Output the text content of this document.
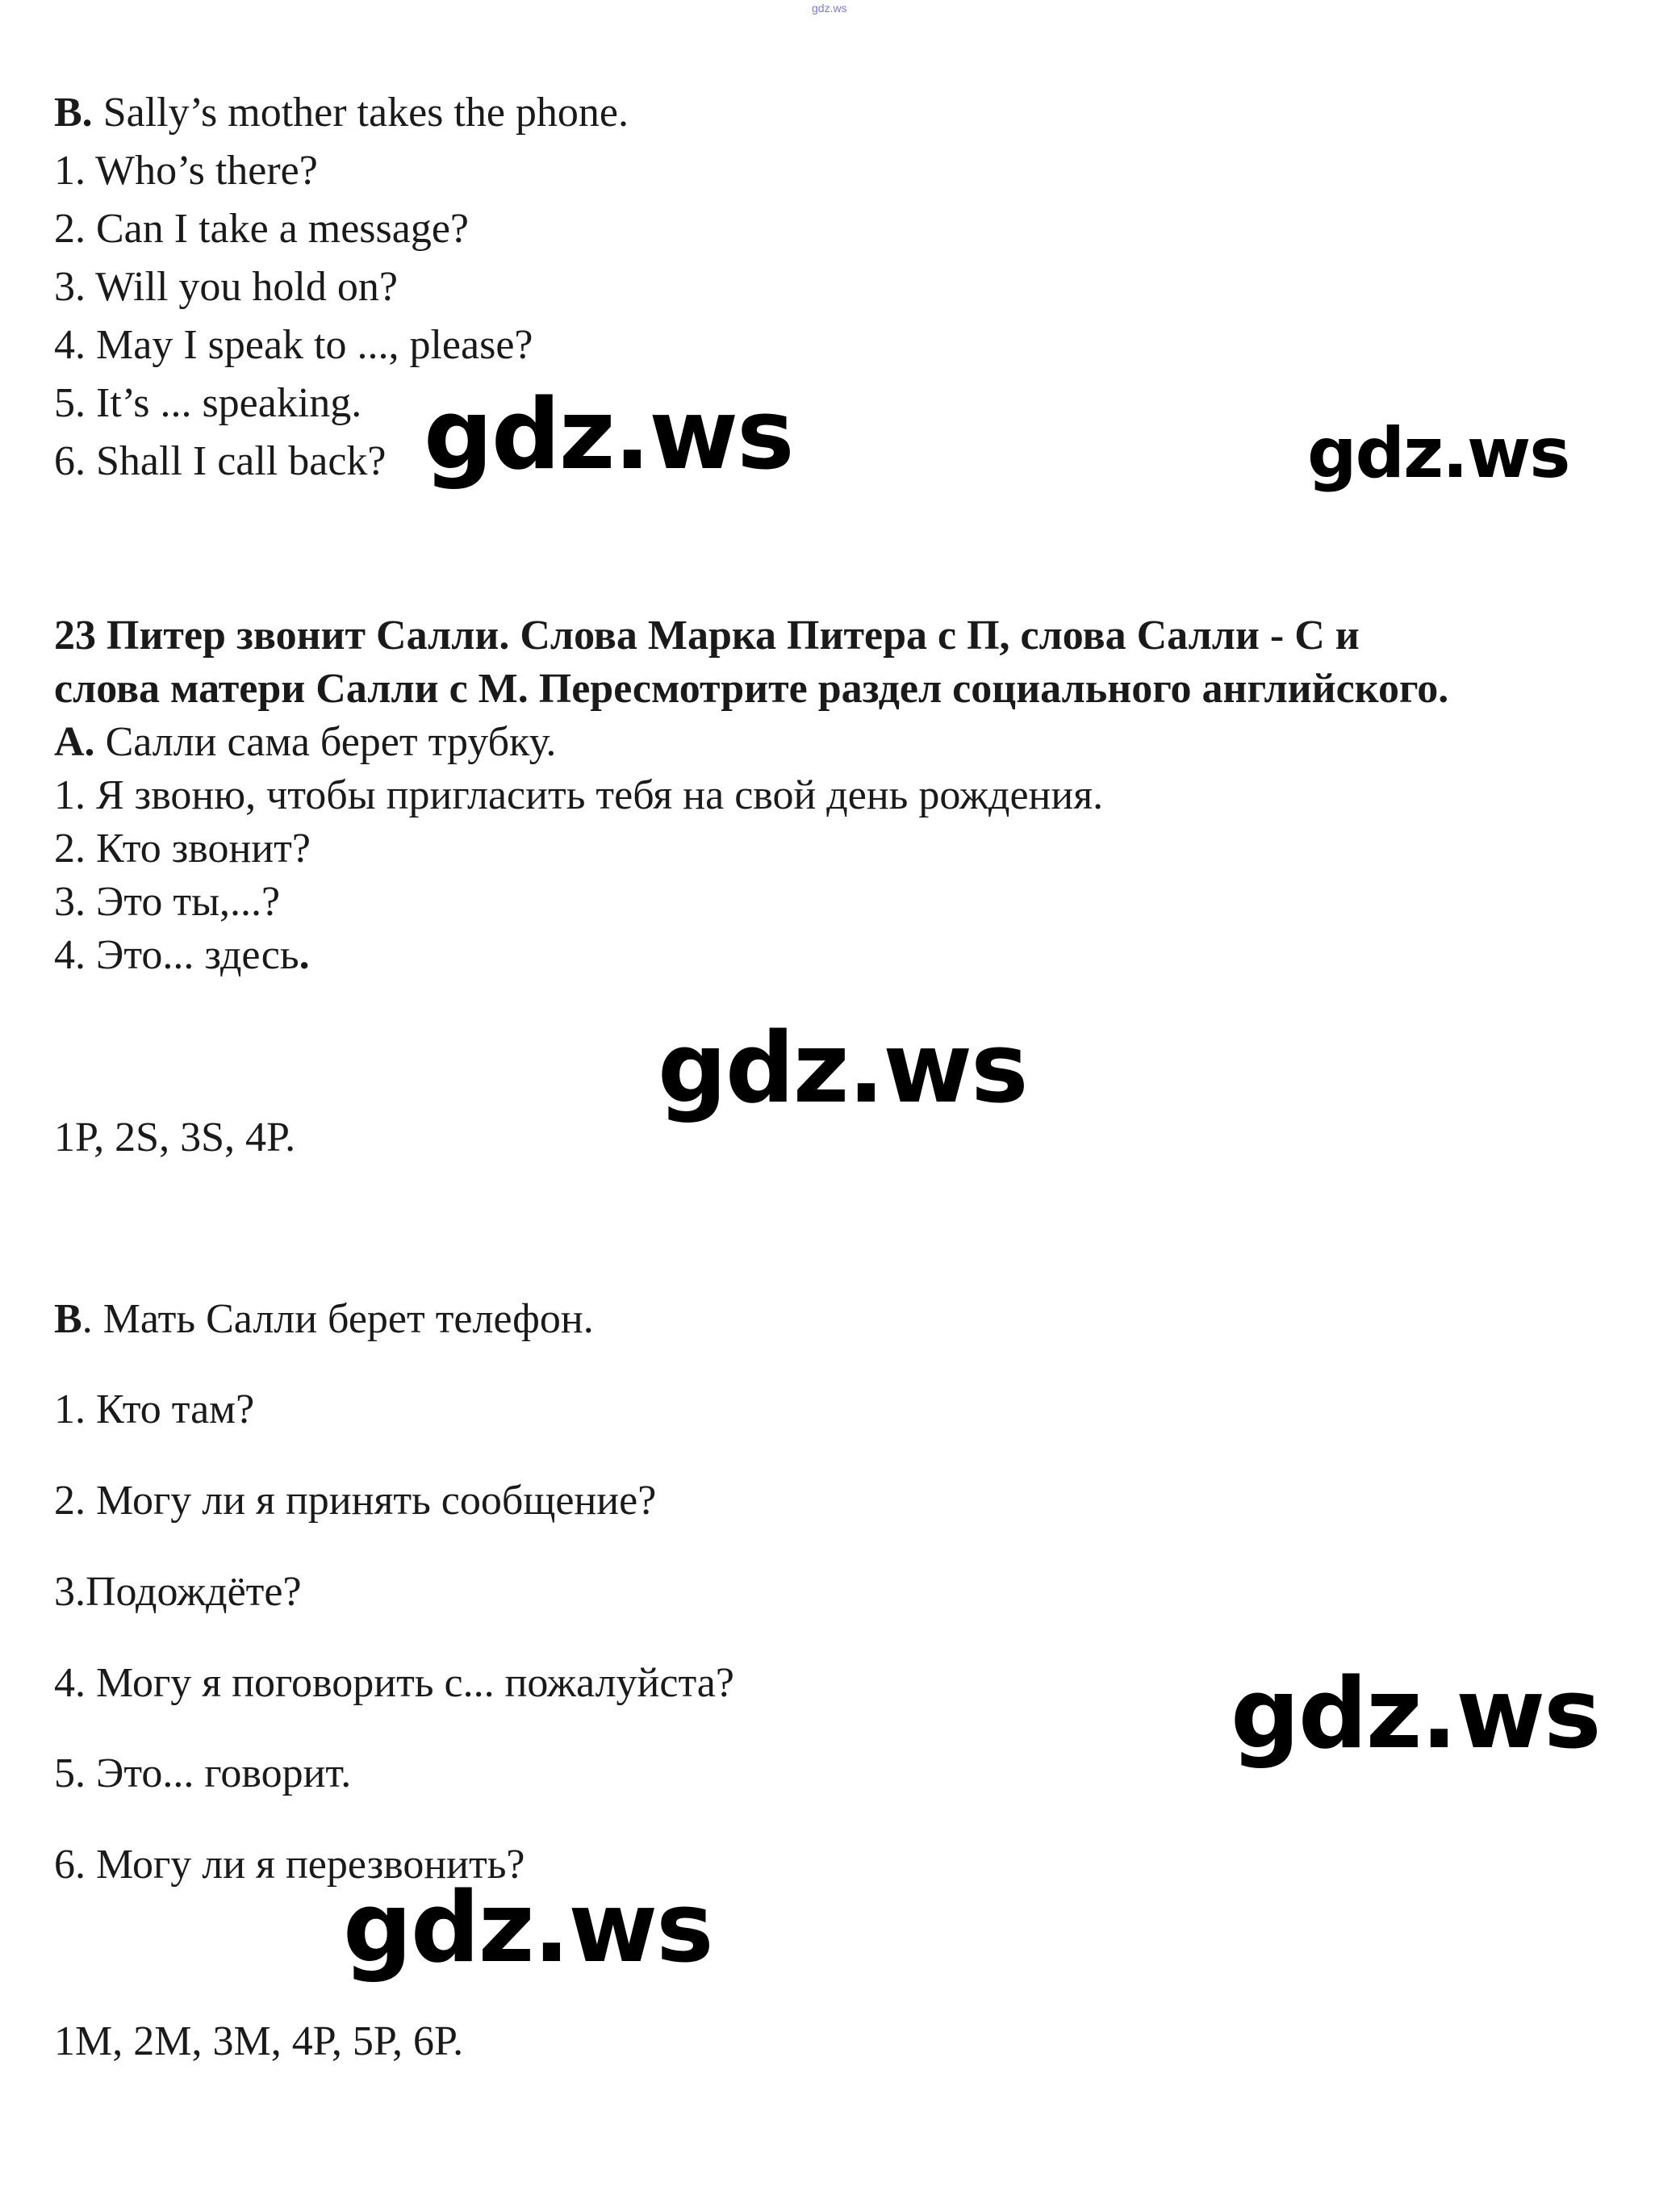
gdz.ws
B. Sally’s mother takes the phone.
1. Who’s there?
2. Can I take a message?
3. Will you hold on?
4. May I speak to ..., please?
5. It’s ... speaking.
6. Shall I call back?
23 Питер звонит Салли. Слова Марка Питера с П, слова Салли - С и
слова матери Салли с М. Пересмотрите раздел социального английского.
A. Салли сама берет трубку.
1. Я звоню, чтобы пригласить тебя на свой день рождения.
2. Кто звонит?
3. Это ты,...?
4. Это... здесь.
1P, 2S, 3S, 4P.
B. Мать Салли берет телефон.
1. Кто там?
2. Могу ли я принять сообщение?
3.Подождёте?
4. Могу я поговорить с... пожалуйста?
5. Это... говорит.
6. Могу ли я перезвонить?
1M, 2M, 3M, 4P, 5P, 6P.
gdz.ws	gdz.ws
gdz.ws
gdz.ws
gdz.ws
